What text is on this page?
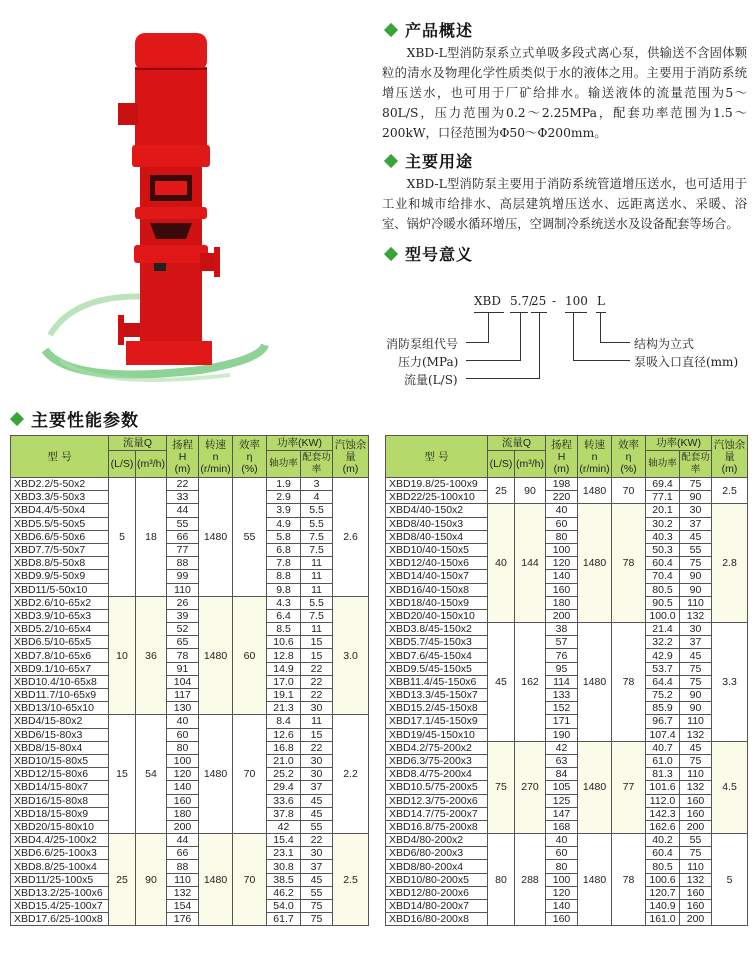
产品概述

XBD-L型消防泵系立式单吸多段式离心泵，供输送不含固体颗粒的清水及物理化学性质类似于水的液体之用。主要用于消防系统增压送水，也可用于厂矿给排水。输送液体的流量范围为5～80L/S，压力范围为0.2～2.25MPa，配套功率范围为1.5～200kW，口径范围为Φ50～Φ200mm。

主要用途

XBD-L型消防泵主要用于消防系统管道增压送水，也可适用于工业和城市给排水、高层建筑增压送水、远距离送水、采暖、浴室、锅炉冷暖水循环增压，空调制冷系统送水及设备配套等场合。

型号意义
XBD 5.7/
25 - 100 L
消防泵组代号
压力(MPa)
流量(L/S)
结构为立式
泵吸入口直径(mm)
主要性能参数
型 号	流量Q		扬程
H
(m)	转速
n
(r/min)	效率
η
(%)	功率(KW)		汽蚀余量
(m)
	(L/S)	(m³/h)				轴功率	配套功率	
XBD2.2/5-50x2	5	18	22	1480	55	1.9	3	2.6
XBD3.3/5-50x3			33			2.9	4	
XBD4.4/5-50x4			44			3.9	5.5	
XBD5.5/5-50x5			55			4.9	5.5	
XBD6.6/5-50x6			66			5.8	7.5	
XBD7.7/5-50x7			77			6.8	7.5	
XBD8.8/5-50x8			88			7.8	11	
XBD9.9/5-50x9			99			8.8	11	
XBD11/5-50x10			110			9.8	11	
XBD2.6/10-65x2	10	36	26	1480	60	4.3	5.5	3.0
XBD3.9/10-65x3			39			6.4	7.5	
XBD5.2/10-65x4			52			8.5	11	
XBD6.5/10-65x5			65			10.6	15	
XBD7.8/10-65x6			78			12.8	15	
XBD9.1/10-65x7			91			14.9	22	
XBD10.4/10-65x8			104			17.0	22	
XBD11.7/10-65x9			117			19.1	22	
XBD13/10-65x10			130			21.3	30	
XBD4/15-80x2	15	54	40	1480	70	8.4	11	2.2
XBD6/15-80x3			60			12.6	15	
XBD8/15-80x4			80			16.8	22	
XBD10/15-80x5			100			21.0	30	
XBD12/15-80x6			120			25.2	30	
XBD14/15-80x7			140			29.4	37	
XBD16/15-80x8			160			33.6	45	
XBD18/15-80x9			180			37.8	45	
XBD20/15-80x10			200			42	55	
XBD4.4/25-100x2	25	90	44	1480	70	15.4	22	2.5
XBD6.6/25-100x3			66			23.1	30	
XBD8.8/25-100x4			88			30.8	37	
XBD11/25-100x5			110			38.5	45	
XBD13.2/25-100x6			132			46.2	55	
XBD15.4/25-100x7			154			54.0	75	
XBD17.6/25-100x8			176			61.7	75	
型 号	流量Q		扬程
H
(m)	转速
n
(r/min)	效率
η
(%)	功率(KW)		汽蚀余量
(m)
	(L/S)	(m³/h)				轴功率	配套功率	
XBD19.8/25-100x9	25	90	198	1480	70	69.4	75	2.5
XBD22/25-100x10			220			77.1	90	
XBD4/40-150x2	40	144	40	1480	78	20.1	30	2.8
XBD8/40-150x3			60			30.2	37	
XBD8/40-150x4			80			40.3	45	
XBD10/40-150x5			100			50.3	55	
XBD12/40-150x6			120			60.4	75	
XBD14/40-150x7			140			70.4	90	
XBD16/40-150x8			160			80.5	90	
XBD18/40-150x9			180			90.5	110	
XBD20/40-150x10			200			100.0	132	
XBD3.8/45-150x2	45	162	38	1480	78	21.4	30	3.3
XBD5.7/45-150x3			57			32.2	37	
XBD7.6/45-150x4			76			42.9	45	
XBD9.5/45-150x5			95			53.7	75	
XBB11.4/45-150x6			114			64.4	75	
XBD13.3/45-150x7			133			75.2	90	
XBD15.2/45-150x8			152			85.9	90	
XBD17.1/45-150x9			171			96.7	110	
XBD19/45-150x10			190			107.4	132	
XBD4.2/75-200x2	75	270	42	1480	77	40.7	45	4.5
XBD6.3/75-200x3			63			61.0	75	
XBD8.4/75-200x4			84			81.3	110	
XBD10.5/75-200x5			105			101.6	132	
XBD12.3/75-200x6			125			112.0	160	
XBD14.7/75-200x7			147			142.3	160	
XBD16.8/75-200x8			168			162.6	200	
XBD4/80-200x2	80	288	40	1480	78	40.2	55	5
XBD6/80-200x3			60			60.4	75	
XBD8/80-200x4			80			80.5	110	
XBD10/80-200x5			100			100.6	132	
XBD12/80-200x6			120			120.7	160	
XBD14/80-200x7			140			140.9	160	
XBD16/80-200x8			160			161.0	200	
